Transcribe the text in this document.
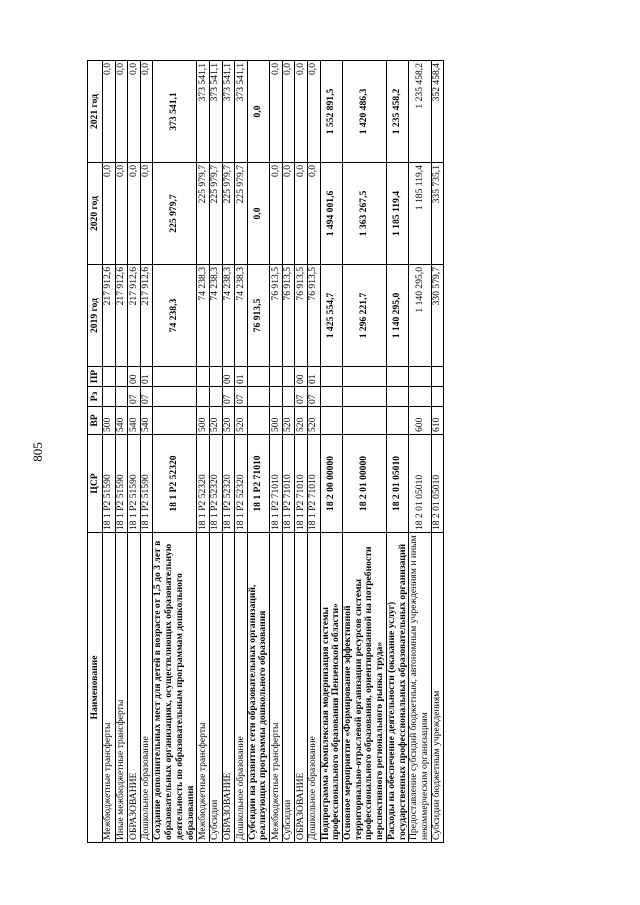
805
Наименование	ЦСР	ВР	Рз	ПР	2019 год	2020 год	2021 год
Межбюджетные трансферты	18 1 Р2 51590	500			217 912,6	0,0	0,0
Иные межбюджетные трансферты	18 1 Р2 51590	540			217 912,6	0,0	0,0
ОБРАЗОВАНИЕ	18 1 Р2 51590	540	07	00	217 912,6	0,0	0,0
Дошкольное образование	18 1 Р2 51590	540	07	01	217 912,6	0,0	0,0
Создание дополнительных мест для детей в возрасте от 1,5 до 3 лет в образовательных организациях, осуществляющих образовательную деятельность по образовательным программам дошкольного образования	18 1 Р2 52320				74 238,3	225 979,7	373 541,1
Межбюджетные трансферты	18 1 Р2 52320	500			74 238,3	225 979,7	373 541,1
Субсидии	18 1 Р2 52320	520			74 238,3	225 979,7	373 541,1
ОБРАЗОВАНИЕ	18 1 Р2 52320	520	07	00	74 238,3	225 979,7	373 541,1
Дошкольное образование	18 1 Р2 52320	520	07	01	74 238,3	225 979,7	373 541,1
Субсидии на развитие сети образовательных организаций, реализующих программы дошкольного образования	18 1 Р2 71010				76 913,5	0,0	0,0
Межбюджетные трансферты	18 1 Р2 71010	500			76 913,5	0,0	0,0
Субсидии	18 1 Р2 71010	520			76 913,5	0,0	0,0
ОБРАЗОВАНИЕ	18 1 Р2 71010	520	07	00	76 913,5	0,0	0,0
Дошкольное образование	18 1 Р2 71010	520	07	01	76 913,5	0,0	0,0
Подпрограмма «Комплексная модернизация системы профессионального образования Пензенской области»	18 2 00 00000				1 425 554,7	1 494 001,6	1 552 891,5
Основное мероприятие «Формирование эффективной территориально-отраслевой организации ресурсов системы профессионального образования, ориентированной на потребности перспективного регионального рынка труда»	18 2 01 00000				1 296 221,7	1 363 267,5	1 420 486,3
Расходы на обеспечение деятельности (оказание услуг) государственных профессиональных образовательных организаций	18 2 01 05010				1 140 295,0	1 185 119,4	1 235 458,2
Предоставление субсидий бюджетным, автономным учреждениям и иным некоммерческим организациям	18 2 01 05010	600			1 140 295,0	1 185 119,4	1 235 458,2
Субсидии бюджетным учреждениям	18 2 01 05010	610			330 579,7	335 735,1	352 458,4
